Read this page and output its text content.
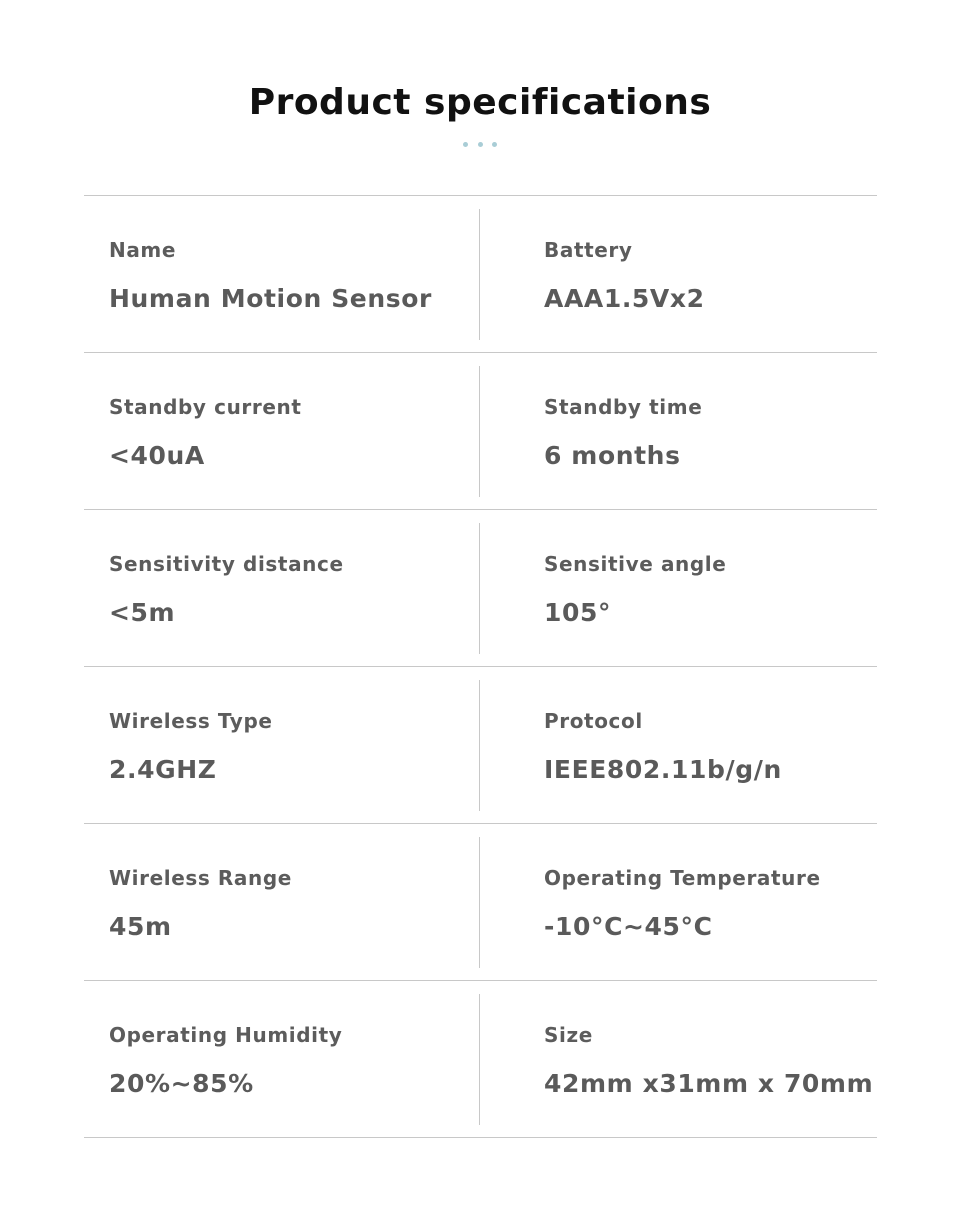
Product specifications
Name
Human Motion Sensor
Battery
AAA1.5Vx2
Standby current
<40uA
Standby time
6 months
Sensitivity distance
<5m
Sensitive angle
105°
Wireless Type
2.4GHZ
Protocol
IEEE802.11b/g/n
Wireless Range
45m
Operating Temperature
-10°C~45°C
Operating Humidity
20%~85%
Size
42mm x31mm x 70mm
